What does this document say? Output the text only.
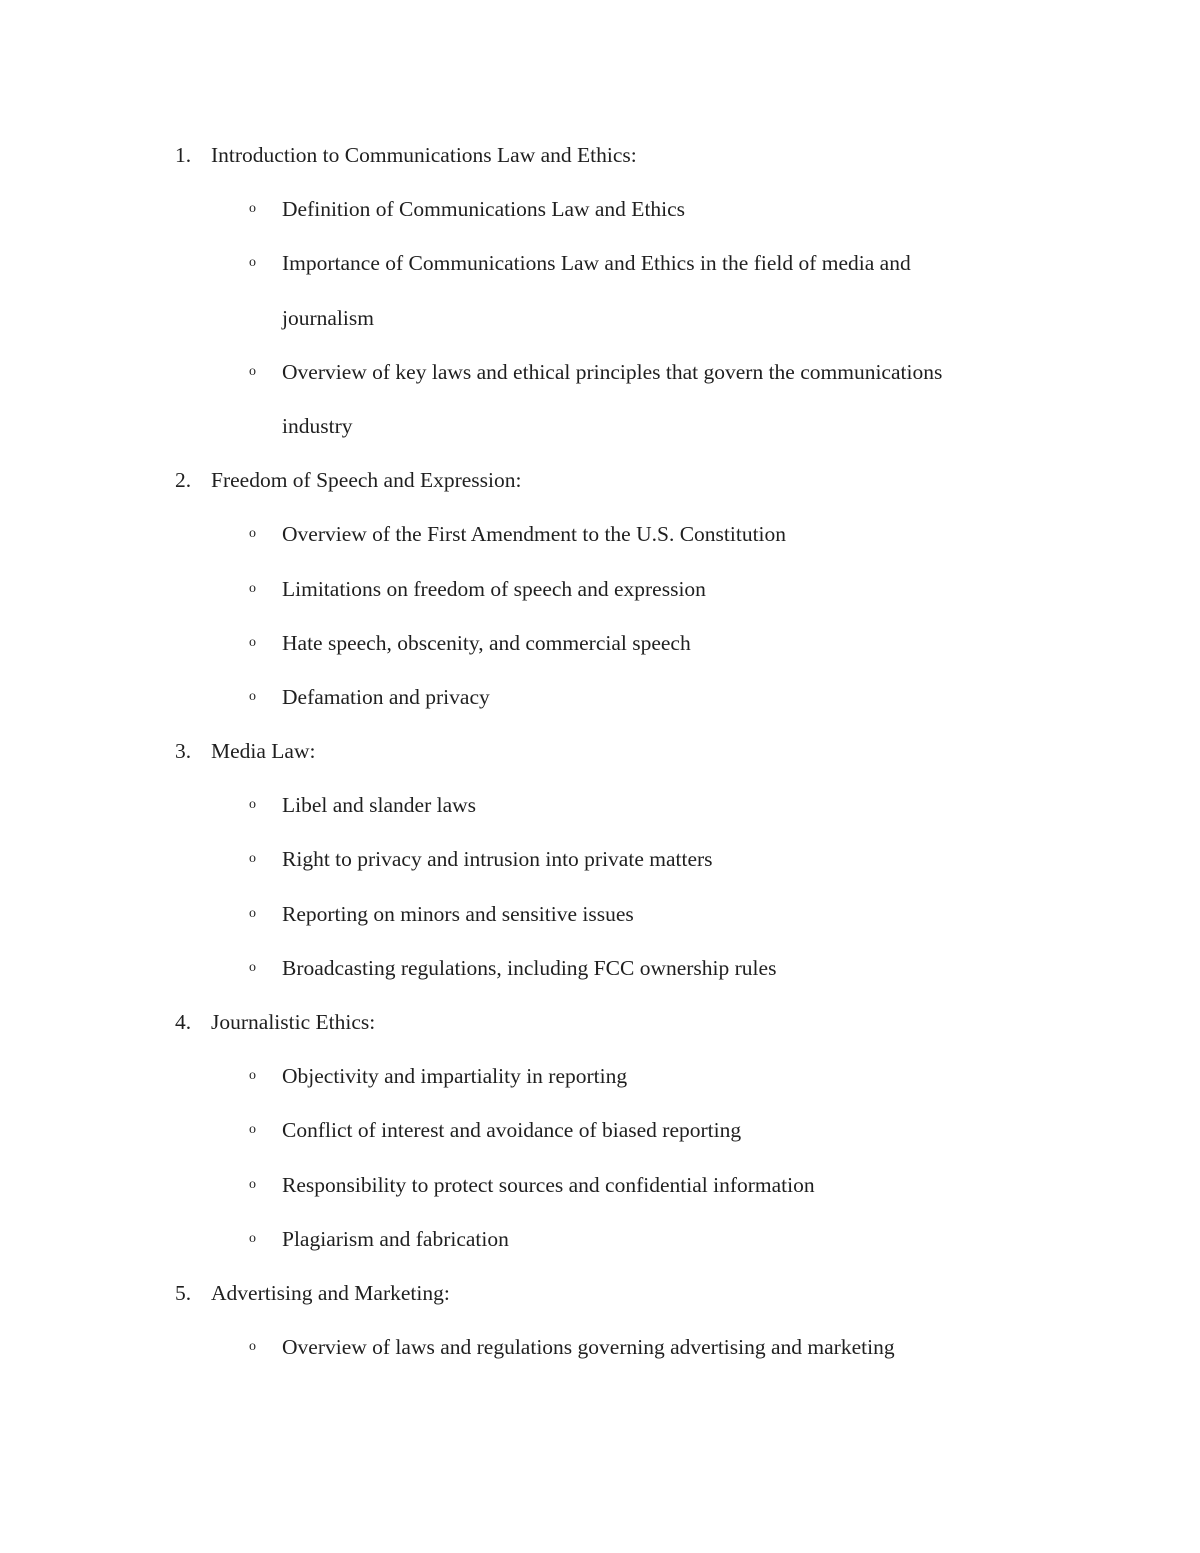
1. Introduction to Communications Law and Ethics:
o Definition of Communications Law and Ethics
o Importance of Communications Law and Ethics in the field of media and
journalism
o Overview of key laws and ethical principles that govern the communications
industry
2. Freedom of Speech and Expression:
o Overview of the First Amendment to the U.S. Constitution
o Limitations on freedom of speech and expression
o Hate speech, obscenity, and commercial speech
o Defamation and privacy
3. Media Law:
o Libel and slander laws
o Right to privacy and intrusion into private matters
o Reporting on minors and sensitive issues
o Broadcasting regulations, including FCC ownership rules
4. Journalistic Ethics:
o Objectivity and impartiality in reporting
o Conflict of interest and avoidance of biased reporting
o Responsibility to protect sources and confidential information
o Plagiarism and fabrication
5. Advertising and Marketing:
o Overview of laws and regulations governing advertising and marketing
